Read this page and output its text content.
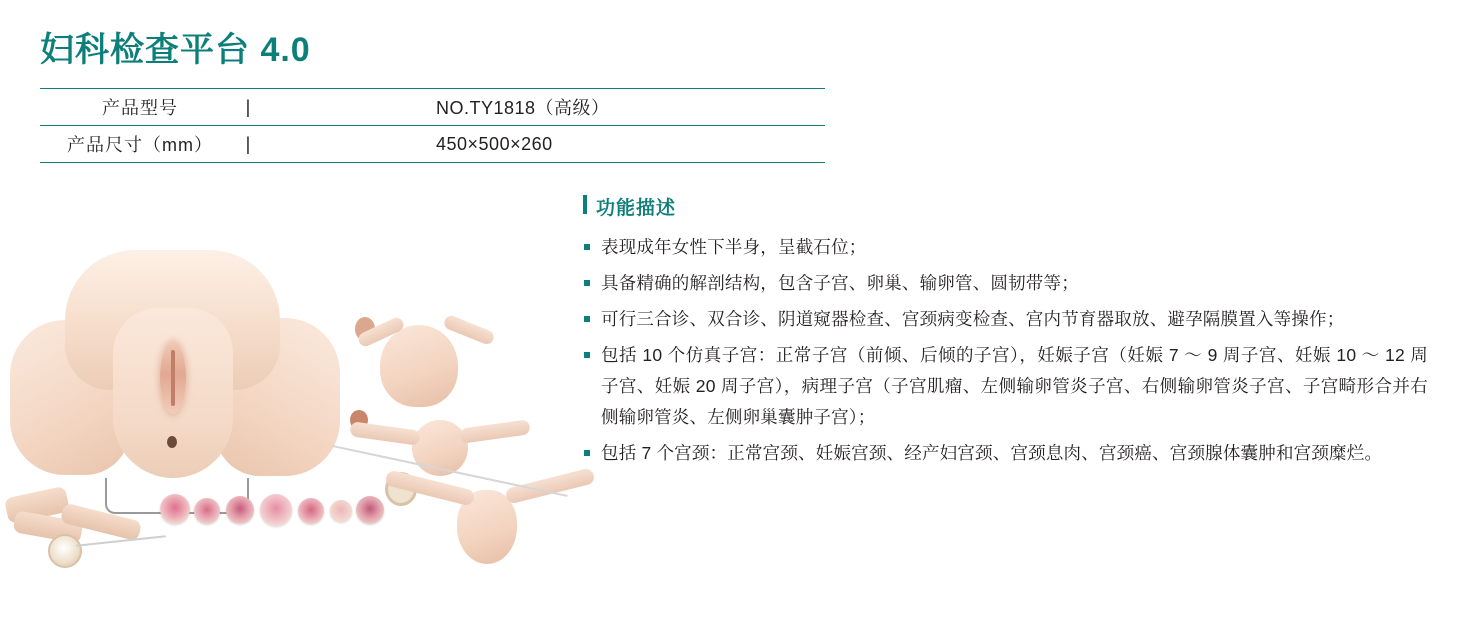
妇科检查平台 4.0
产品型号	|	NO.TY1818（高级）
产品尺寸（mm）	|	450×500×260
功能描述
表现成年女性下半身，呈截石位；
具备精确的解剖结构，包含子宫、卵巢、输卵管、圆韧带等；
可行三合诊、双合诊、阴道窥器检查、宫颈病变检查、宫内节育器取放、避孕隔膜置入等操作；
包括 10 个仿真子宫：正常子宫（前倾、后倾的子宫），妊娠子宫（妊娠 7 ～ 9 周子宫、妊娠 10 ～ 12 周子宫、妊娠 20 周子宫），病理子宫（子宫肌瘤、左侧输卵管炎子宫、右侧输卵管炎子宫、子宫畸形合并右侧输卵管炎、左侧卵巢囊肿子宫）；
包括 7 个宫颈：正常宫颈、妊娠宫颈、经产妇宫颈、宫颈息肉、宫颈癌、宫颈腺体囊肿和宫颈糜烂。
